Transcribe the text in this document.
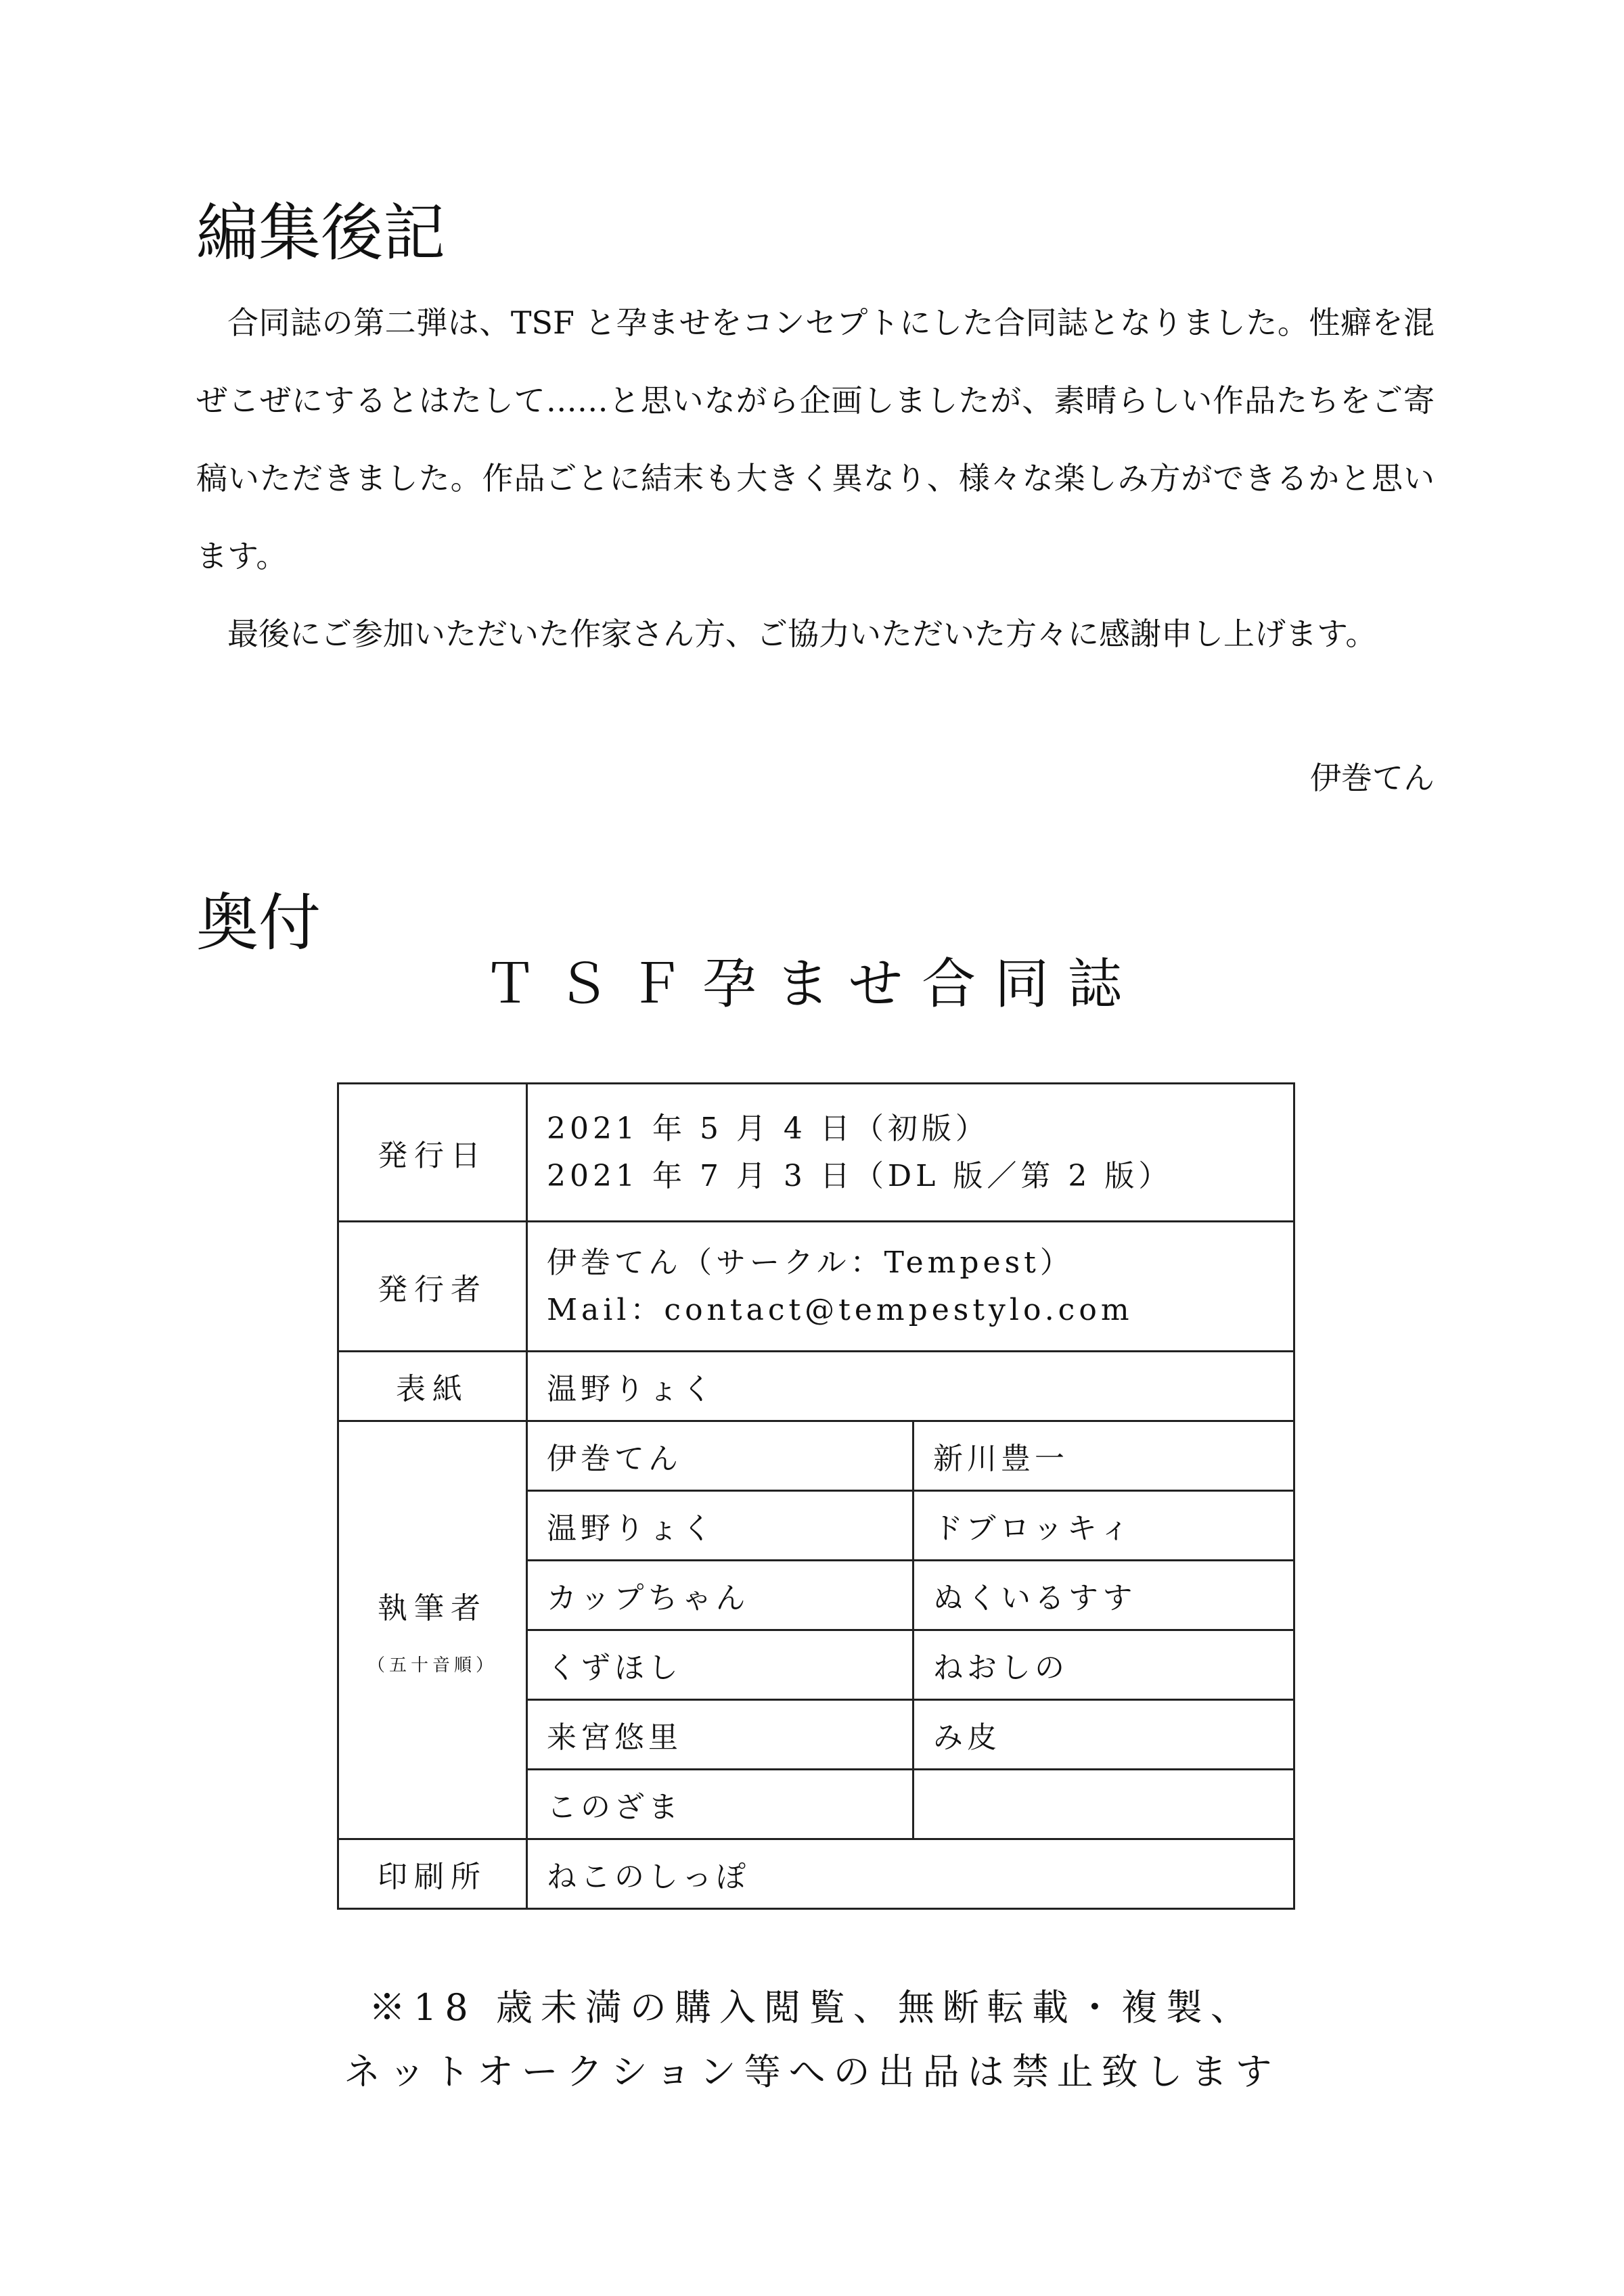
編集後記

合同誌の第二弾は、TSF と孕ませをコンセプトにした合同誌となりました。性癖を混ぜこぜにするとはたして……と思いながら企画しましたが、素晴らしい作品たちをご寄稿いただきました。作品ごとに結末も大きく異なり、様々な楽しみ方ができるかと思います。

最後にご参加いただいた作家さん方、ご協力いただいた方々に感謝申し上げます。

伊巻てん
奥付
ＴＳＦ孕ませ合同誌
発行日	2021 年 5 月 4 日（初版）
2021 年 7 月 3 日（DL 版／第 2 版）	

発行者	伊巻てん（サークル：Tempest）
Mail：contact@tempestylo.com	

表紙	温野りょく	
執筆者
（五十音順）	伊巻てん	新川豊一
	温野りょく	ドブロッキィ
	カップちゃん	ぬくいるすす
	くずほし	ねおしの
	来宮悠里	み皮
	このざま	
印刷所	ねこのしっぽ	
※18 歳未満の購入閲覧、無断転載・複製、
ネットオークション等への出品は禁止致します
